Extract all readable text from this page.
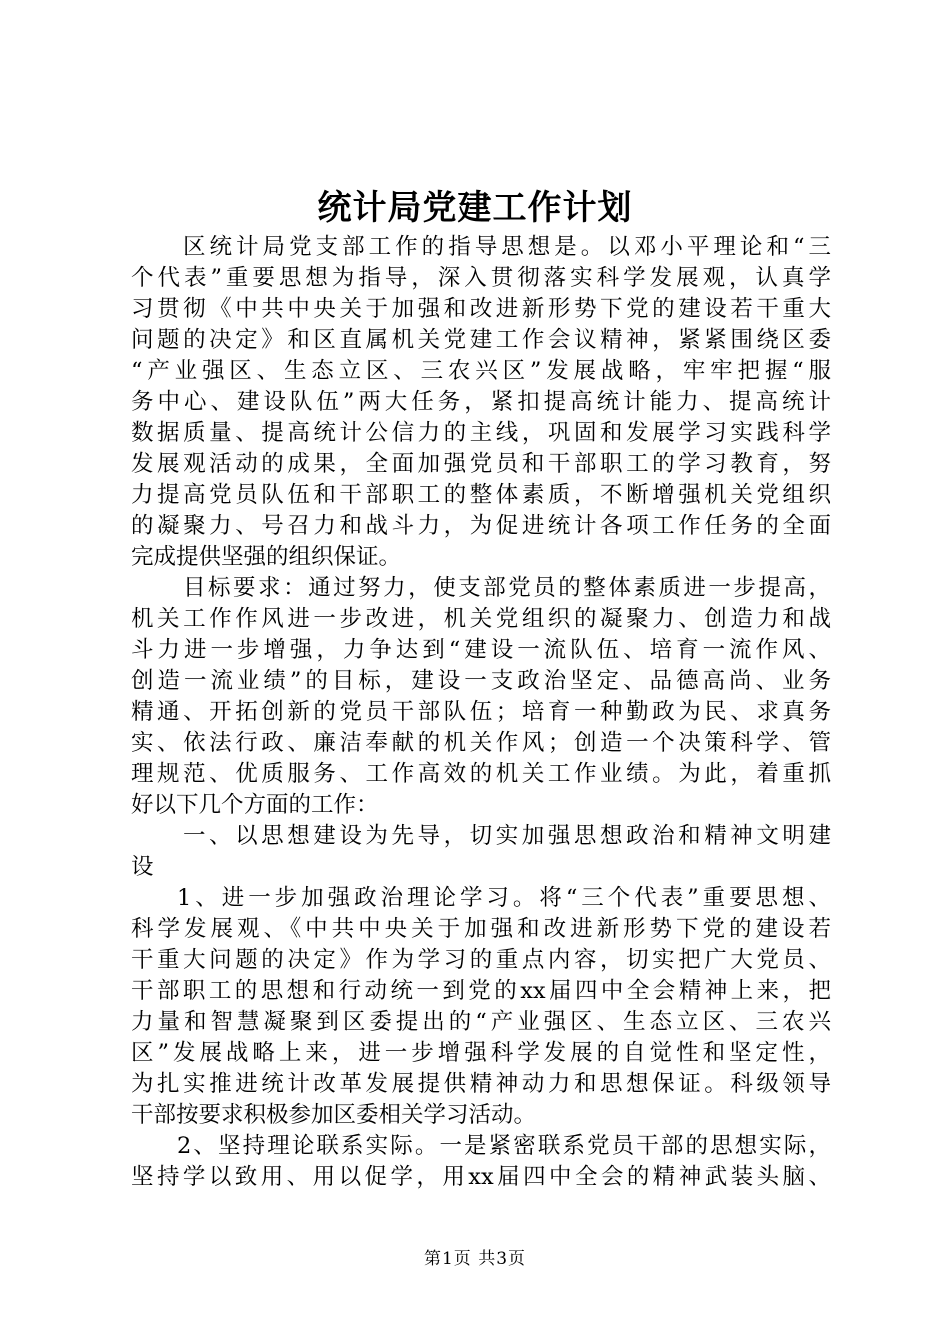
统计局党建工作计划
区统计局党支部工作的指导思想是。以邓小平理论和“三
个代表”重要思想为指导，深入贯彻落实科学发展观，认真学
习贯彻《中共中央关于加强和改进新形势下党的建设若干重大
问题的决定》和区直属机关党建工作会议精神，紧紧围绕区委
“产业强区、生态立区、三农兴区”发展战略，牢牢把握“服
务中心、建设队伍”两大任务，紧扣提高统计能力、提高统计
数据质量、提高统计公信力的主线，巩固和发展学习实践科学
发展观活动的成果，全面加强党员和干部职工的学习教育，努
力提高党员队伍和干部职工的整体素质，不断增强机关党组织
的凝聚力、号召力和战斗力，为促进统计各项工作任务的全面
完成提供坚强的组织保证。
目标要求：通过努力，使支部党员的整体素质进一步提高，
机关工作作风进一步改进，机关党组织的凝聚力、创造力和战
斗力进一步增强，力争达到“建设一流队伍、培育一流作风、
创造一流业绩”的目标，建设一支政治坚定、品德高尚、业务
精通、开拓创新的党员干部队伍；培育一种勤政为民、求真务
实、依法行政、廉洁奉献的机关作风；创造一个决策科学、管
理规范、优质服务、工作高效的机关工作业绩。为此，着重抓
好以下几个方面的工作：
一、以思想建设为先导，切实加强思想政治和精神文明建
设
1、进一步加强政治理论学习。将“三个代表”重要思想、
科学发展观、《中共中央关于加强和改进新形势下党的建设若
干重大问题的决定》作为学习的重点内容，切实把广大党员、
干部职工的思想和行动统一到党的xx届四中全会精神上来，把
力量和智慧凝聚到区委提出的“产业强区、生态立区、三农兴
区”发展战略上来，进一步增强科学发展的自觉性和坚定性，
为扎实推进统计改革发展提供精神动力和思想保证。科级领导
干部按要求积极参加区委相关学习活动。
2、坚持理论联系实际。一是紧密联系党员干部的思想实际，
坚持学以致用、用以促学，用xx届四中全会的精神武装头脑、
第1页 共3页
